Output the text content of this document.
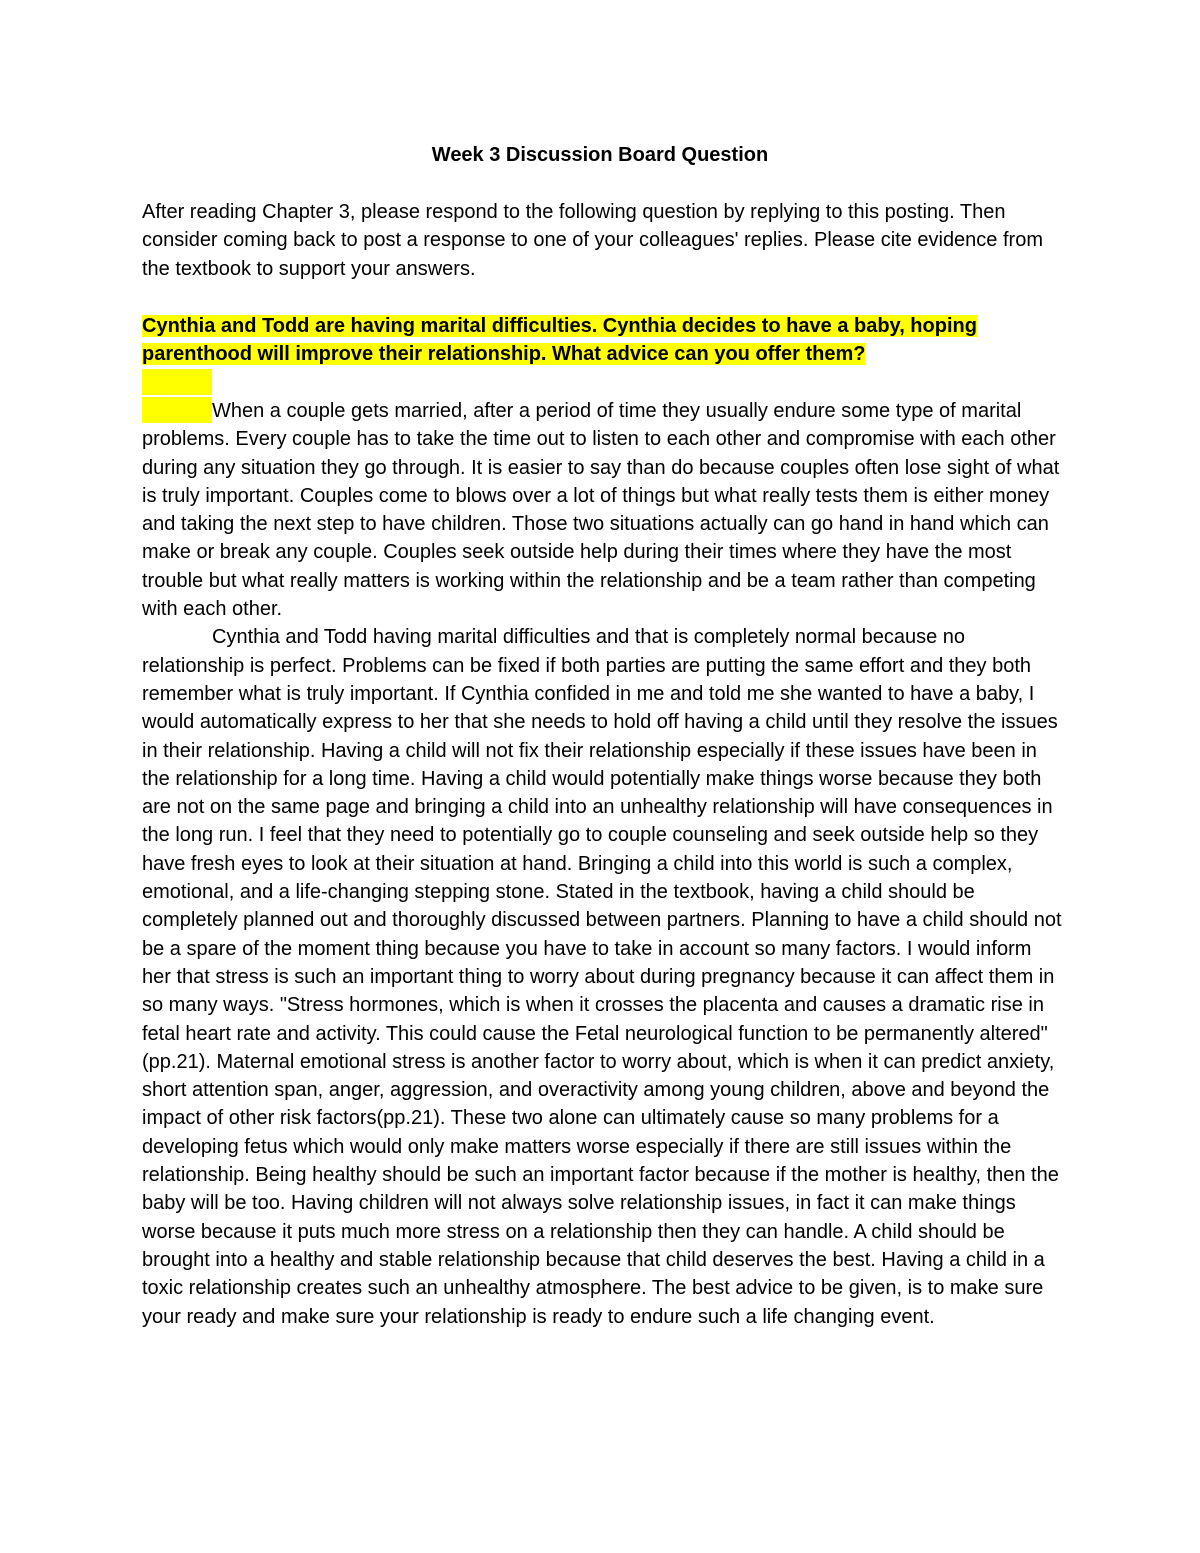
Week 3 Discussion Board Question

After reading Chapter 3, please respond to the following question by replying to this posting. Then consider coming back to post a response to one of your colleagues' replies. Please cite evidence from the textbook to support your answers.

Cynthia and Todd are having marital difficulties. Cynthia decides to have a baby, hoping parenthood will improve their relationship. What advice can you offer them?

When a couple gets married, after a period of time they usually endure some type of marital problems. Every couple has to take the time out to listen to each other and compromise with each other during any situation they go through. It is easier to say than do because couples often lose sight of what is truly important. Couples come to blows over a lot of things but what really tests them is either money and taking the next step to have children. Those two situations actually can go hand in hand which can make or break any couple. Couples seek outside help during their times where they have the most trouble but what really matters is working within the relationship and be a team rather than competing with each other.

Cynthia and Todd having marital difficulties and that is completely normal because no relationship is perfect. Problems can be fixed if both parties are putting the same effort and they both remember what is truly important. If Cynthia confided in me and told me she wanted to have a baby, I would automatically express to her that she needs to hold off having a child until they resolve the issues in their relationship. Having a child will not fix their relationship especially if these issues have been in the relationship for a long time. Having a child would potentially make things worse because they both are not on the same page and bringing a child into an unhealthy relationship will have consequences in the long run. I feel that they need to potentially go to couple counseling and seek outside help so they have fresh eyes to look at their situation at hand. Bringing a child into this world is such a complex, emotional, and a life-changing stepping stone. Stated in the textbook, having a child should be completely planned out and thoroughly discussed between partners. Planning to have a child should not be a spare of the moment thing because you have to take in account so many factors. I would inform her that stress is such an important thing to worry about during pregnancy because it can affect them in so many ways. "Stress hormones, which is when it crosses the placenta and causes a dramatic rise in fetal heart rate and activity. This could cause the Fetal neurological function to be permanently altered"(pp.21). Maternal emotional stress is another factor to worry about, which is when it can predict anxiety, short attention span, anger, aggression, and overactivity among young children, above and beyond the impact of other risk factors(pp.21). These two alone can ultimately cause so many problems for a developing fetus which would only make matters worse especially if there are still issues within the relationship. Being healthy should be such an important factor because if the mother is healthy, then the baby will be too. Having children will not always solve relationship issues, in fact it can make things worse because it puts much more stress on a relationship then they can handle. A child should be brought into a healthy and stable relationship because that child deserves the best. Having a child in a toxic relationship creates such an unhealthy atmosphere. The best advice to be given, is to make sure your ready and make sure your relationship is ready to endure such a life changing event.
